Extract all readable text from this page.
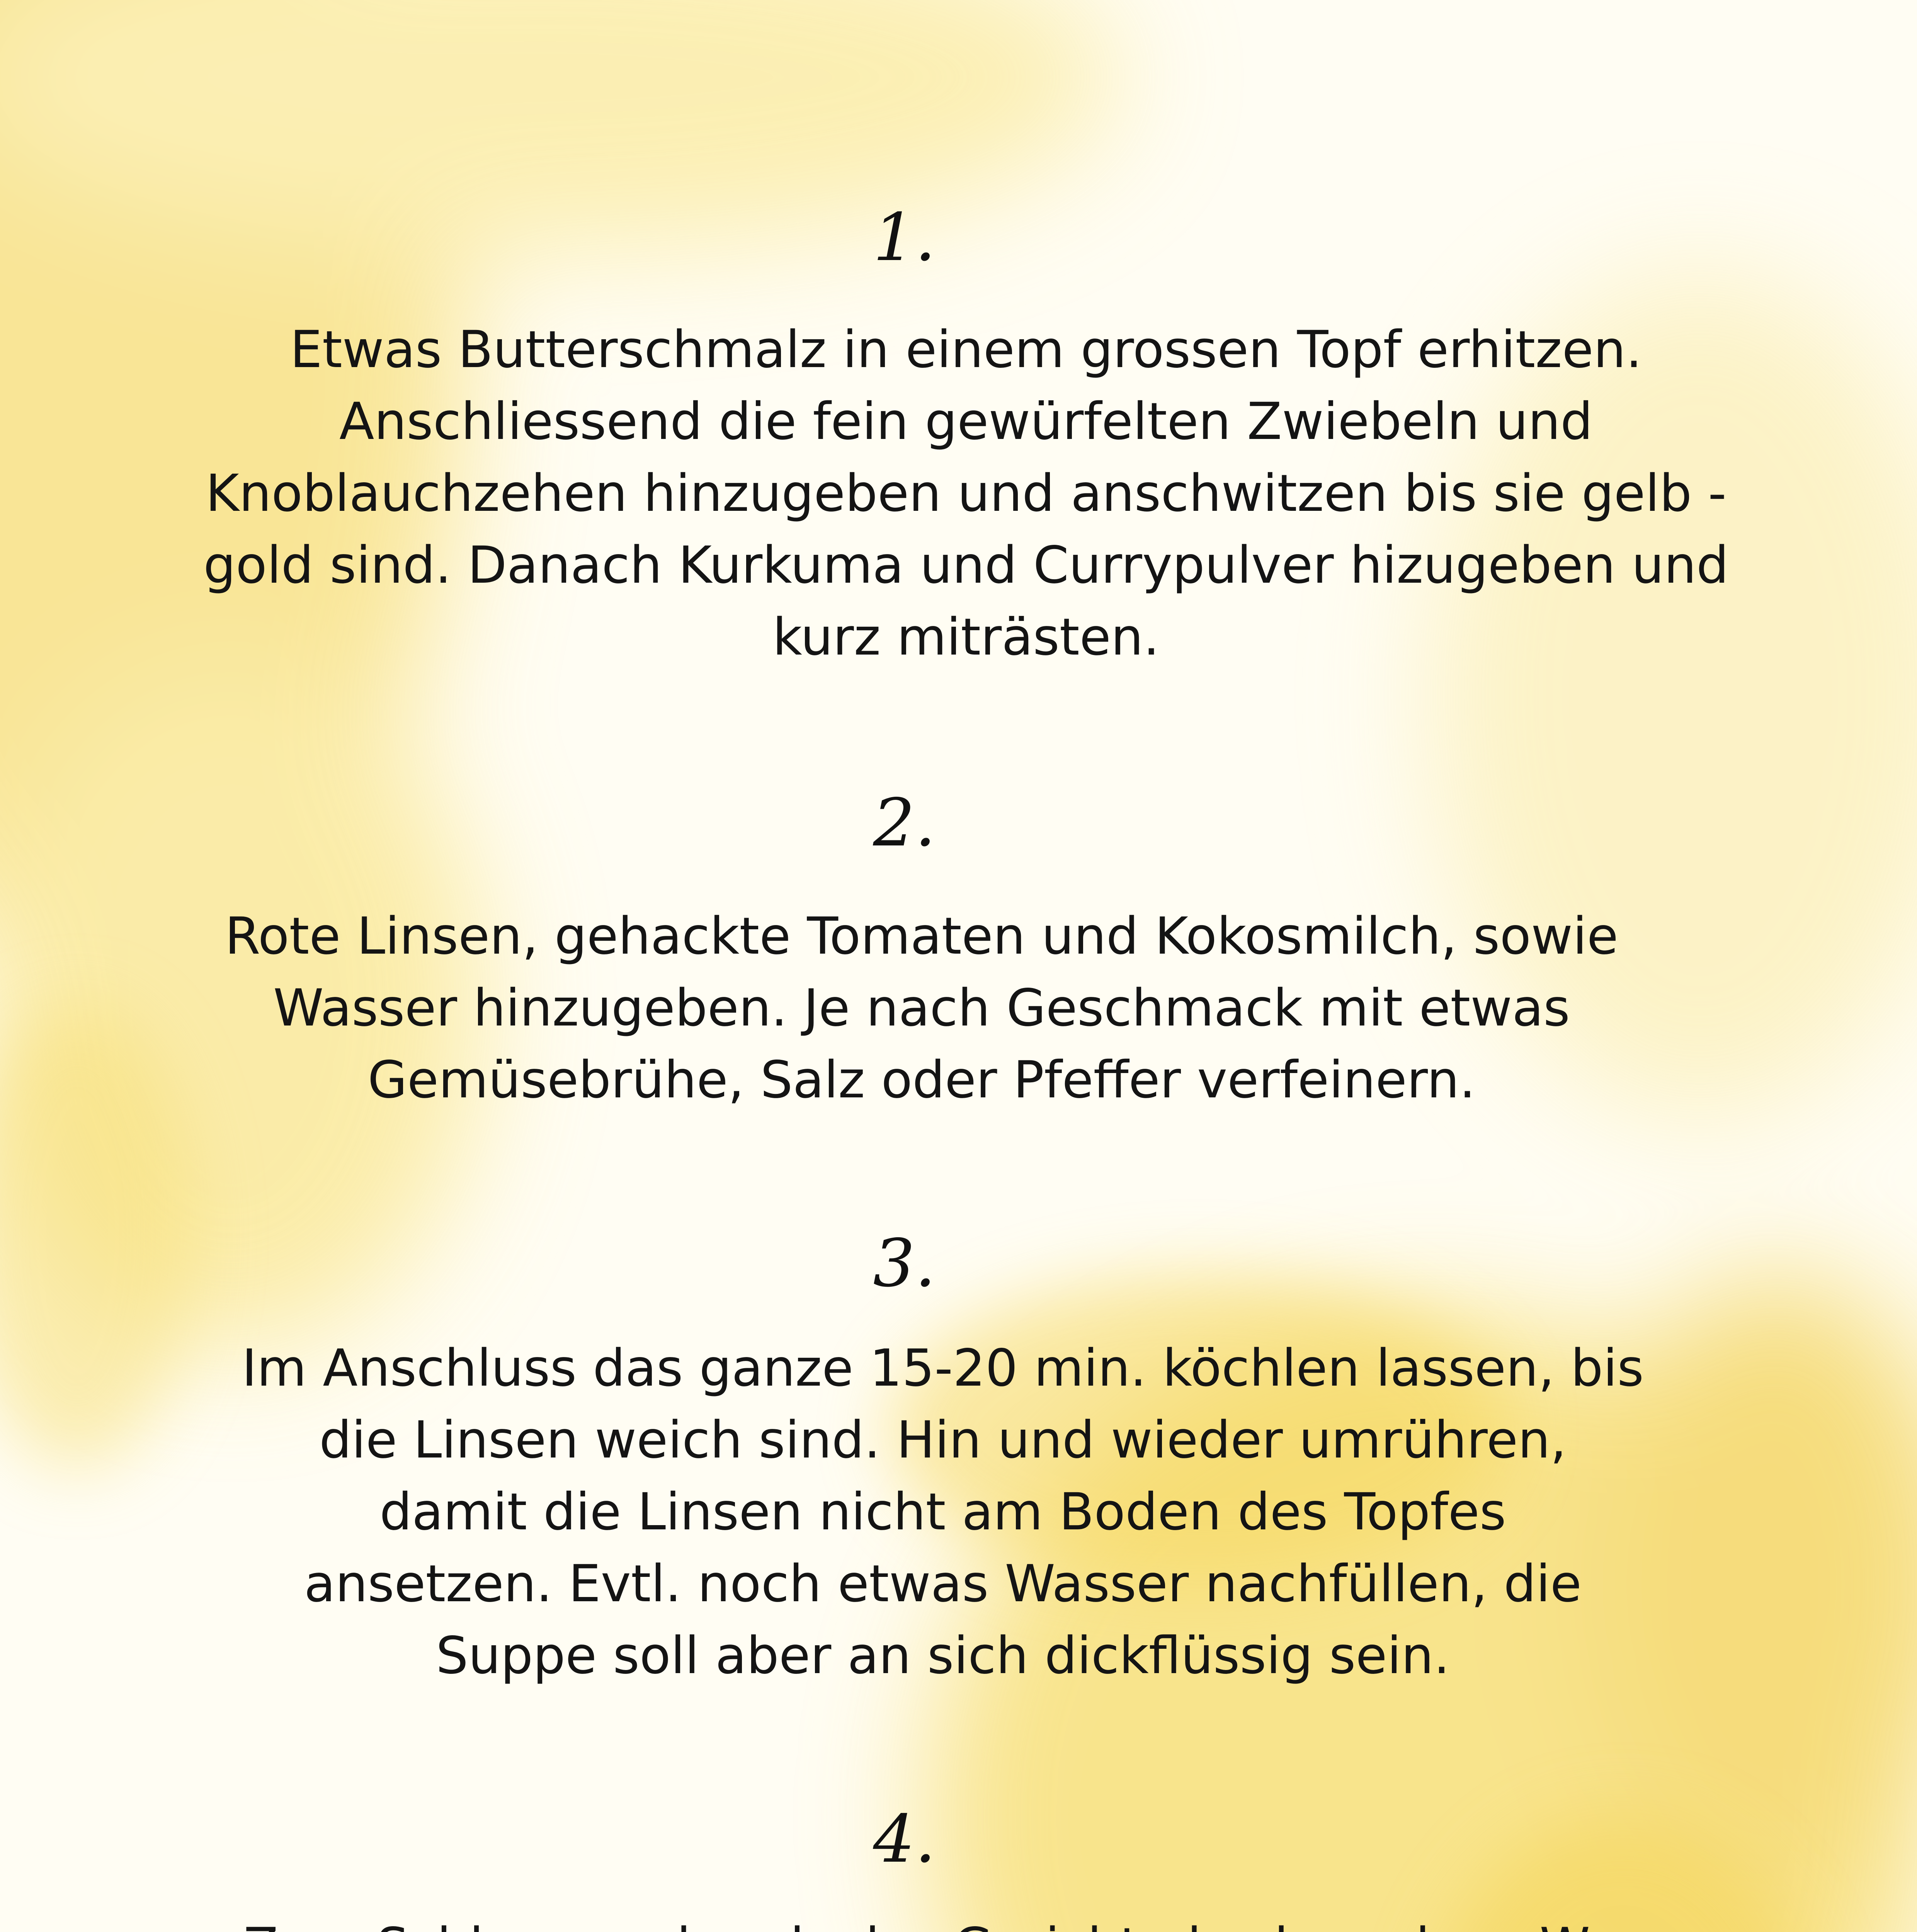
1.

Etwas Butterschmalz in einem grossen Topf erhitzen.
Anschliessend die fein gewürfelten Zwiebeln und
Knoblauchzehen hinzugeben und anschwitzen bis sie gelb -
gold sind. Danach Kurkuma und Currypulver hizugeben und
kurz miträsten.

2.

Rote Linsen, gehackte Tomaten und Kokosmilch, sowie
Wasser hinzugeben. Je nach Geschmack mit etwas
Gemüsebrühe, Salz oder Pfeffer verfeinern.

3.

Im Anschluss das ganze 15-20 min. köchlen lassen, bis
die Linsen weich sind. Hin und wieder umrühren,
damit die Linsen nicht am Boden des Topfes
ansetzen. Evtl. noch etwas Wasser nachfüllen, die
Suppe soll aber an sich dickflüssig sein.

4.
